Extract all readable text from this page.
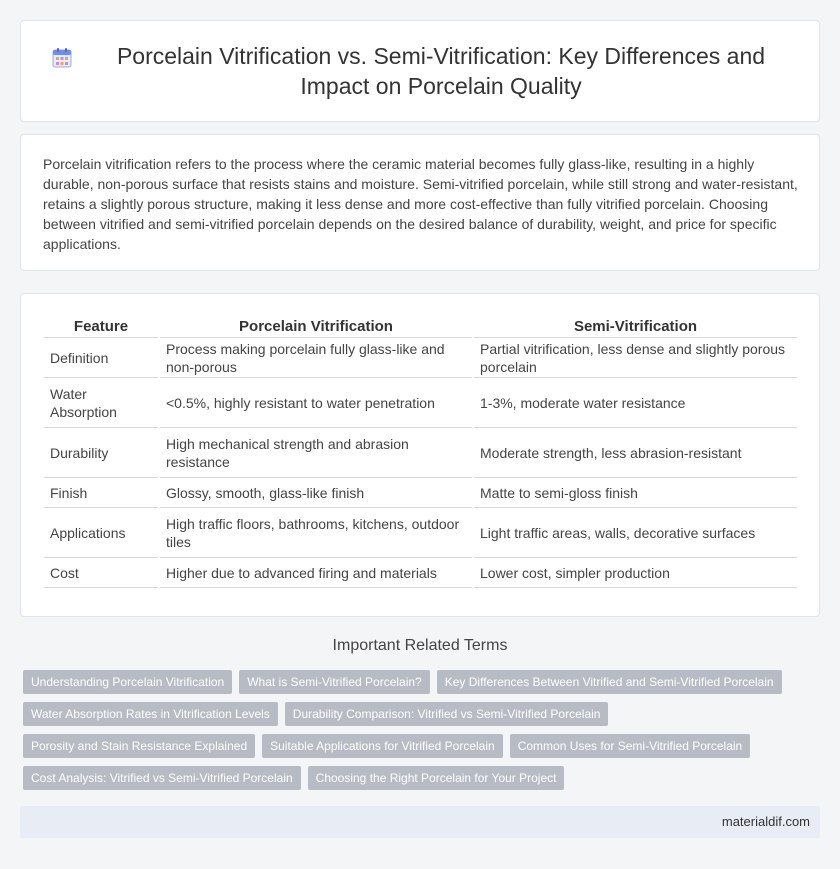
Porcelain Vitrification vs. Semi-Vitrification: Key Differences and Impact on Porcelain Quality

Porcelain vitrification refers to the process where the ceramic material becomes fully glass-like, resulting in a highly durable, non-porous surface that resists stains and moisture. Semi-vitrified porcelain, while still strong and water-resistant, retains a slightly porous structure, making it less dense and more cost-effective than fully vitrified porcelain. Choosing between vitrified and semi-vitrified porcelain depends on the desired balance of durability, weight, and price for specific applications.

Feature	Porcelain Vitrification	Semi-Vitrification
Definition	Process making porcelain fully glass-like and non-porous	Partial vitrification, less dense and slightly porous porcelain
Water Absorption	<0.5%, highly resistant to water penetration	1-3%, moderate water resistance
Durability	High mechanical strength and abrasion resistance	Moderate strength, less abrasion-resistant
Finish	Glossy, smooth, glass-like finish	Matte to semi-gloss finish
Applications	High traffic floors, bathrooms, kitchens, outdoor tiles	Light traffic areas, walls, decorative surfaces
Cost	Higher due to advanced firing and materials	Lower cost, simpler production
Important Related Terms
Understanding Porcelain Vitrification	What is Semi-Vitrified Porcelain?	Key Differences Between Vitrified and Semi-Vitrified Porcelain
Water Absorption Rates in Vitrification Levels	Durability Comparison: Vitrified vs Semi-Vitrified Porcelain
Porosity and Stain Resistance Explained	Suitable Applications for Vitrified Porcelain	Common Uses for Semi-Vitrified Porcelain
Cost Analysis: Vitrified vs Semi-Vitrified Porcelain	Choosing the Right Porcelain for Your Project
materialdif.com
